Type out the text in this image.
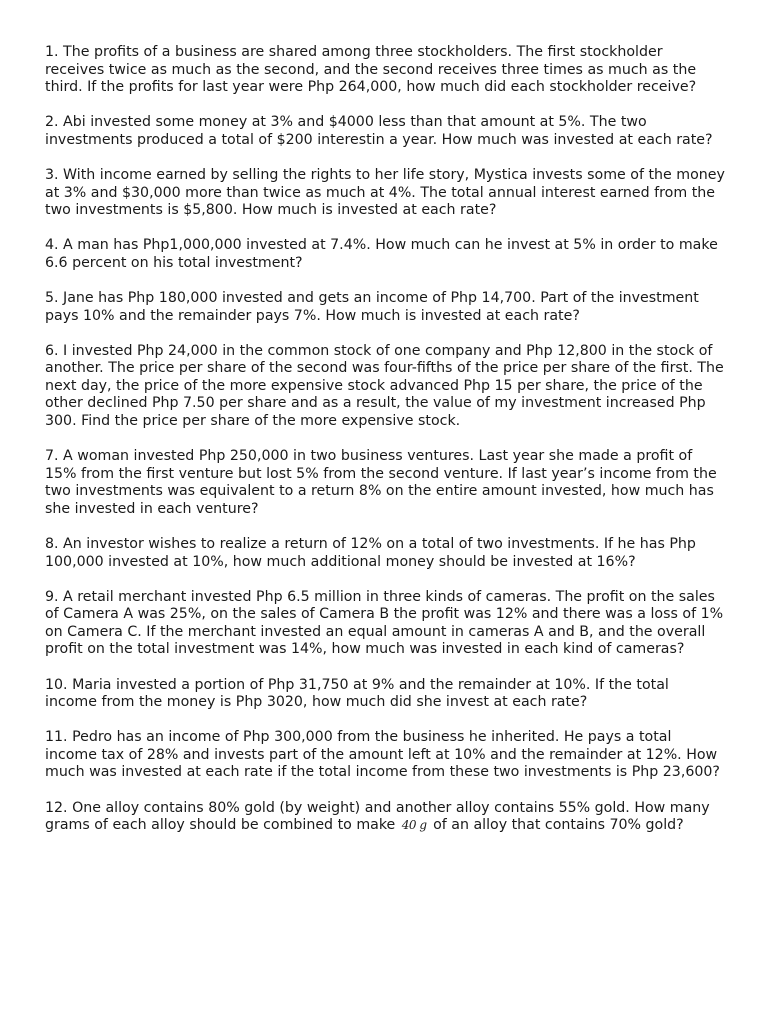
1. The profits of a business are shared among three stockholders. The first stockholder receives twice as much as the second, and the second receives three times as much as the third. If the profits for last year were Php 264,000, how much did each stockholder receive?

2. Abi invested some money at 3% and $4000 less than that amount at 5%. The two investments produced a total of $200 interestin a year. How much was invested at each rate?

3. With income earned by selling the rights to her life story, Mystica invests some of the money at 3% and $30,000 more than twice as much at 4%. The total annual interest earned from the two investments is $5,800. How much is invested at each rate?

4. A man has Php1,000,000 invested at 7.4%. How much can he invest at 5% in order to make 6.6 percent on his total investment?

5. Jane has Php 180,000 invested and gets an income of Php 14,700. Part of the investment pays 10% and the remainder pays 7%. How much is invested at each rate?

6. I invested Php 24,000 in the common stock of one company and Php 12,800 in the stock of another. The price per share of the second was four-fifths of the price per share of the first. The next day, the price of the more expensive stock advanced Php 15 per share, the price of the other declined Php 7.50 per share and as a result, the value of my investment increased Php 300. Find the price per share of the more expensive stock.

7. A woman invested Php 250,000 in two business ventures. Last year she made a profit of 15% from the first venture but lost 5% from the second venture. If last year’s income from the two investments was equivalent to a return 8% on the entire amount invested, how much has she invested in each venture?

8. An investor wishes to realize a return of 12% on a total of two investments. If he has Php 100,000 invested at 10%, how much additional money should be invested at 16%?

9. A retail merchant invested Php 6.5 million in three kinds of cameras. The profit on the sales of Camera A was 25%, on the sales of Camera B the profit was 12% and there was a loss of 1% on Camera C. If the merchant invested an equal amount in cameras A and B, and the overall profit on the total investment was 14%, how much was invested in each kind of cameras?

10. Maria invested a portion of Php 31,750 at 9% and the remainder at 10%. If the total income from the money is Php 3020, how much did she invest at each rate?

11. Pedro has an income of Php 300,000 from the business he inherited. He pays a total income tax of 28% and invests part of the amount left at 10% and the remainder at 12%. How much was invested at each rate if the total income from these two investments is Php 23,600?

12. One alloy contains 80% gold (by weight) and another alloy contains 55% gold. How many grams of each alloy should be combined to make 40 g of an alloy that contains 70% gold?
